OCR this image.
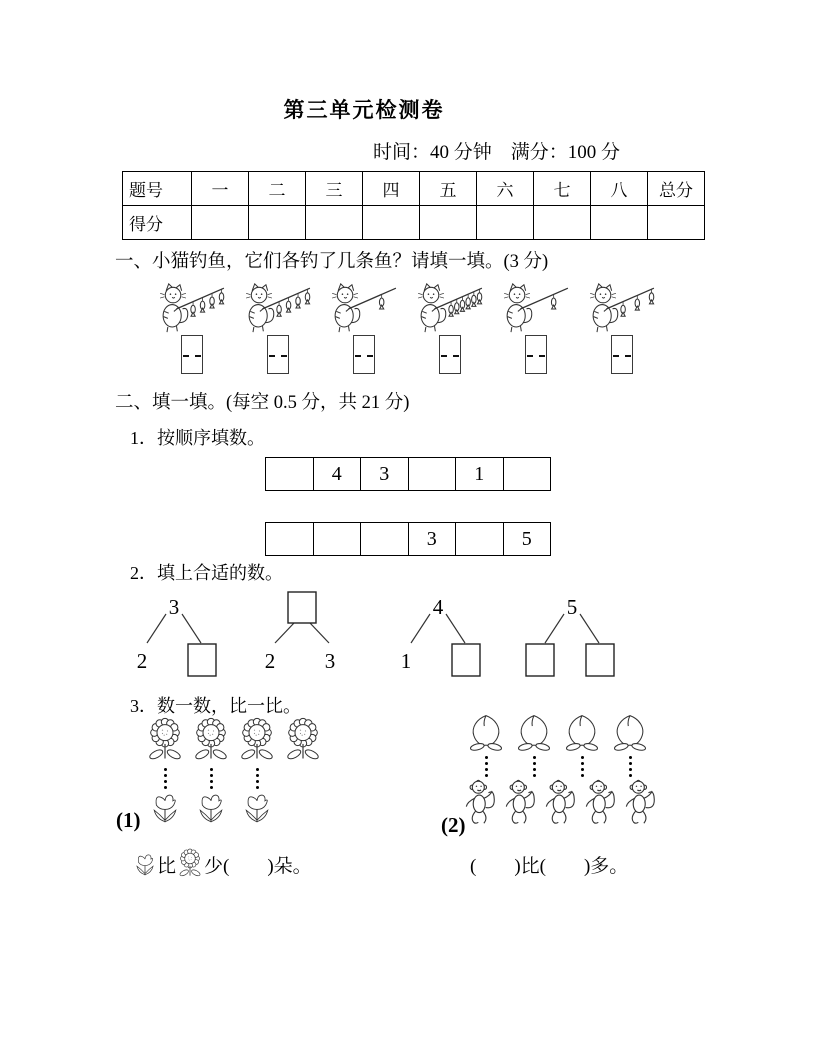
第三单元检测卷
时间：40 分钟　满分：100 分
题号	一	二	三	四	五	六	七	八	总分
得分									
一、小猫钓鱼，它们各钓了几条鱼？请填一填。(3 分)
二、填一填。(每空 0.5 分，共 21 分)
1．按顺序填数。
4	3	1
3	5
2．填上合适的数。
3
2	2 3
4
1
5
3．数一数，比一比。
(1)	(2)
比 少(　　)朵。	(　　)比(　　)多。
